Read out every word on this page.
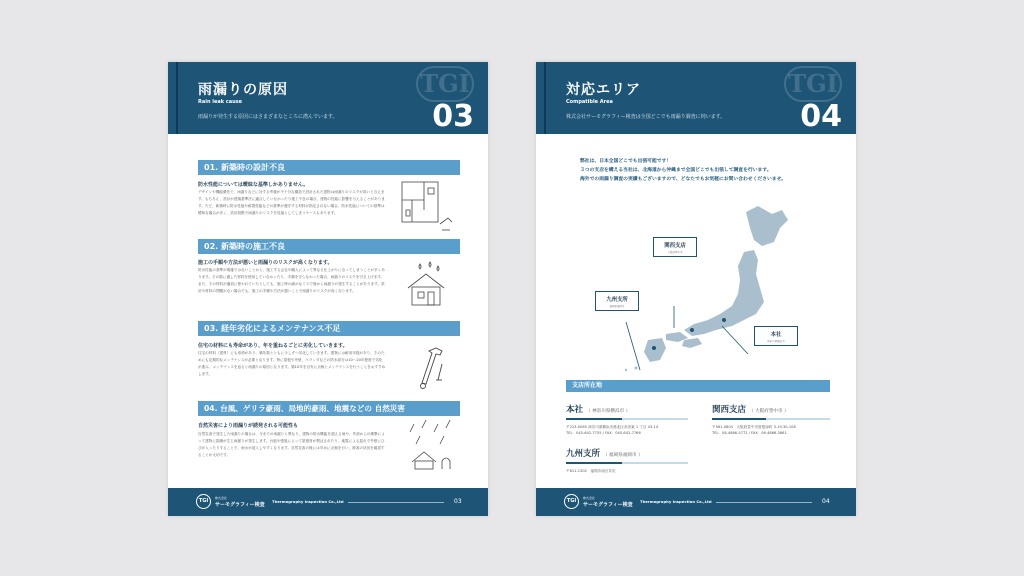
雨漏りの原因
Rain leak cause
雨漏りが発生する原因にはさまざまなところに潜んでいます。
TGI
03
01. 新築時の設計不良
防水性能については曖昧な基準しかありません。
デザインや機能優先で、雨漏りなどに対する考慮が不十分な構造で設計された建物は雨漏りのリスクが高いと言えます。もちろん、設計が建築基準法に適合していなかったり施工不良の場合、建物の性能に影響を与えることがあります。ただ、新築時に防水性能や耐震性能などの基準が遵守する材料が指定されない場合、防水性能についての基準は曖昧な場合が多く、設計段階で雨漏りのリスクを見落としてしまうケースもあります。
02. 新築時の施工不良
施工の手順や方法が悪いと雨漏りのリスクが高くなります。
防水性能の基準が明確ではないことから、施工する会社や職人によって異なる仕上がりになってしまうことが多くあります。その際に適した材料を使用していなかったり、手順を守らなかった場合、雨漏りのリスクを引き上げます。また、その材料が適切に使われていたとしても、施工時の細かなミスで後から雨漏りが発生することがあります。設計や材料の問題がない場合でも、施工の手順や方法が悪いことで雨漏りのリスクが高くなります。
03. 経年劣化によるメンテナンス不足
住宅の材料にも寿命があり、年を重ねるごとに劣化していきます。
住宅の材料（建材）にも寿命があり、築年数とともに少しずつ劣化していきます。建物には耐用年数があり、そのためにも定期的なメンテナンスが必要となります。特に屋根や外壁、ベランダなどの防水部分は10〜20年程度で劣化が進み、メンテナンスを怠ると雨漏りの原因となります。築10年を目安に点検とメンテナンスを行うことをおすすめします。
04. 台風、ゲリラ豪雨、局地的豪雨、地震などの 自然災害
自然災害により雨漏りが誘発される可能性も
自然災害で発生した雨漏りの場合は、今までの雨漏りと異なり、建物の防水機能を超える雨や、外部からの衝撃によって建物に損傷が生じ雨漏りが発生します。台風や強風によって屋根材が飛ばされたり、地震による揺れで外壁にひびが入ったりすることで、雨水が浸入しやすくなります。自然災害の後には早めに点検を行い、被害の状況を確認することが大切です。
TGI	株式会社
サーモグラフィー検査
Thermography Inspection Co.,Ltd	03
対応エリア
Compatible Area
株式会社サーモグラフィー検査は全国どこでも雨漏り調査に伺います。
TGI
04
弊社は、日本全国どこでも出張可能です！
３つの支店を構える当社は、北海道から沖縄まで全国どこでも出張して調査を行います。
海外での雨漏り調査の実績もございますので、どなたでもお気軽にお問い合わせくださいませ。
関西支店
大阪府豊中市
九州支所
福岡県福岡市
本社
神奈川県横浜市
支店所在地
本社 （ 神奈川県横浜市 ）
〒223-0065 神奈川県横浜市港北区高田東 1 丁目 43-14
TEL：045-642-7755 / FAX：045-642-7766
関西支店 （ 大阪府豊中市 ）
〒561-0804　大阪府豊中市曽根南町 3-19-30-108
TEL：06-4866-5772 / FAX：06-4866-5861
九州支所 （ 福岡県福岡市 ）
〒811-1302　福岡市南区井尻
TGI	株式会社
サーモグラフィー検査
Thermography Inspection Co.,Ltd	04
